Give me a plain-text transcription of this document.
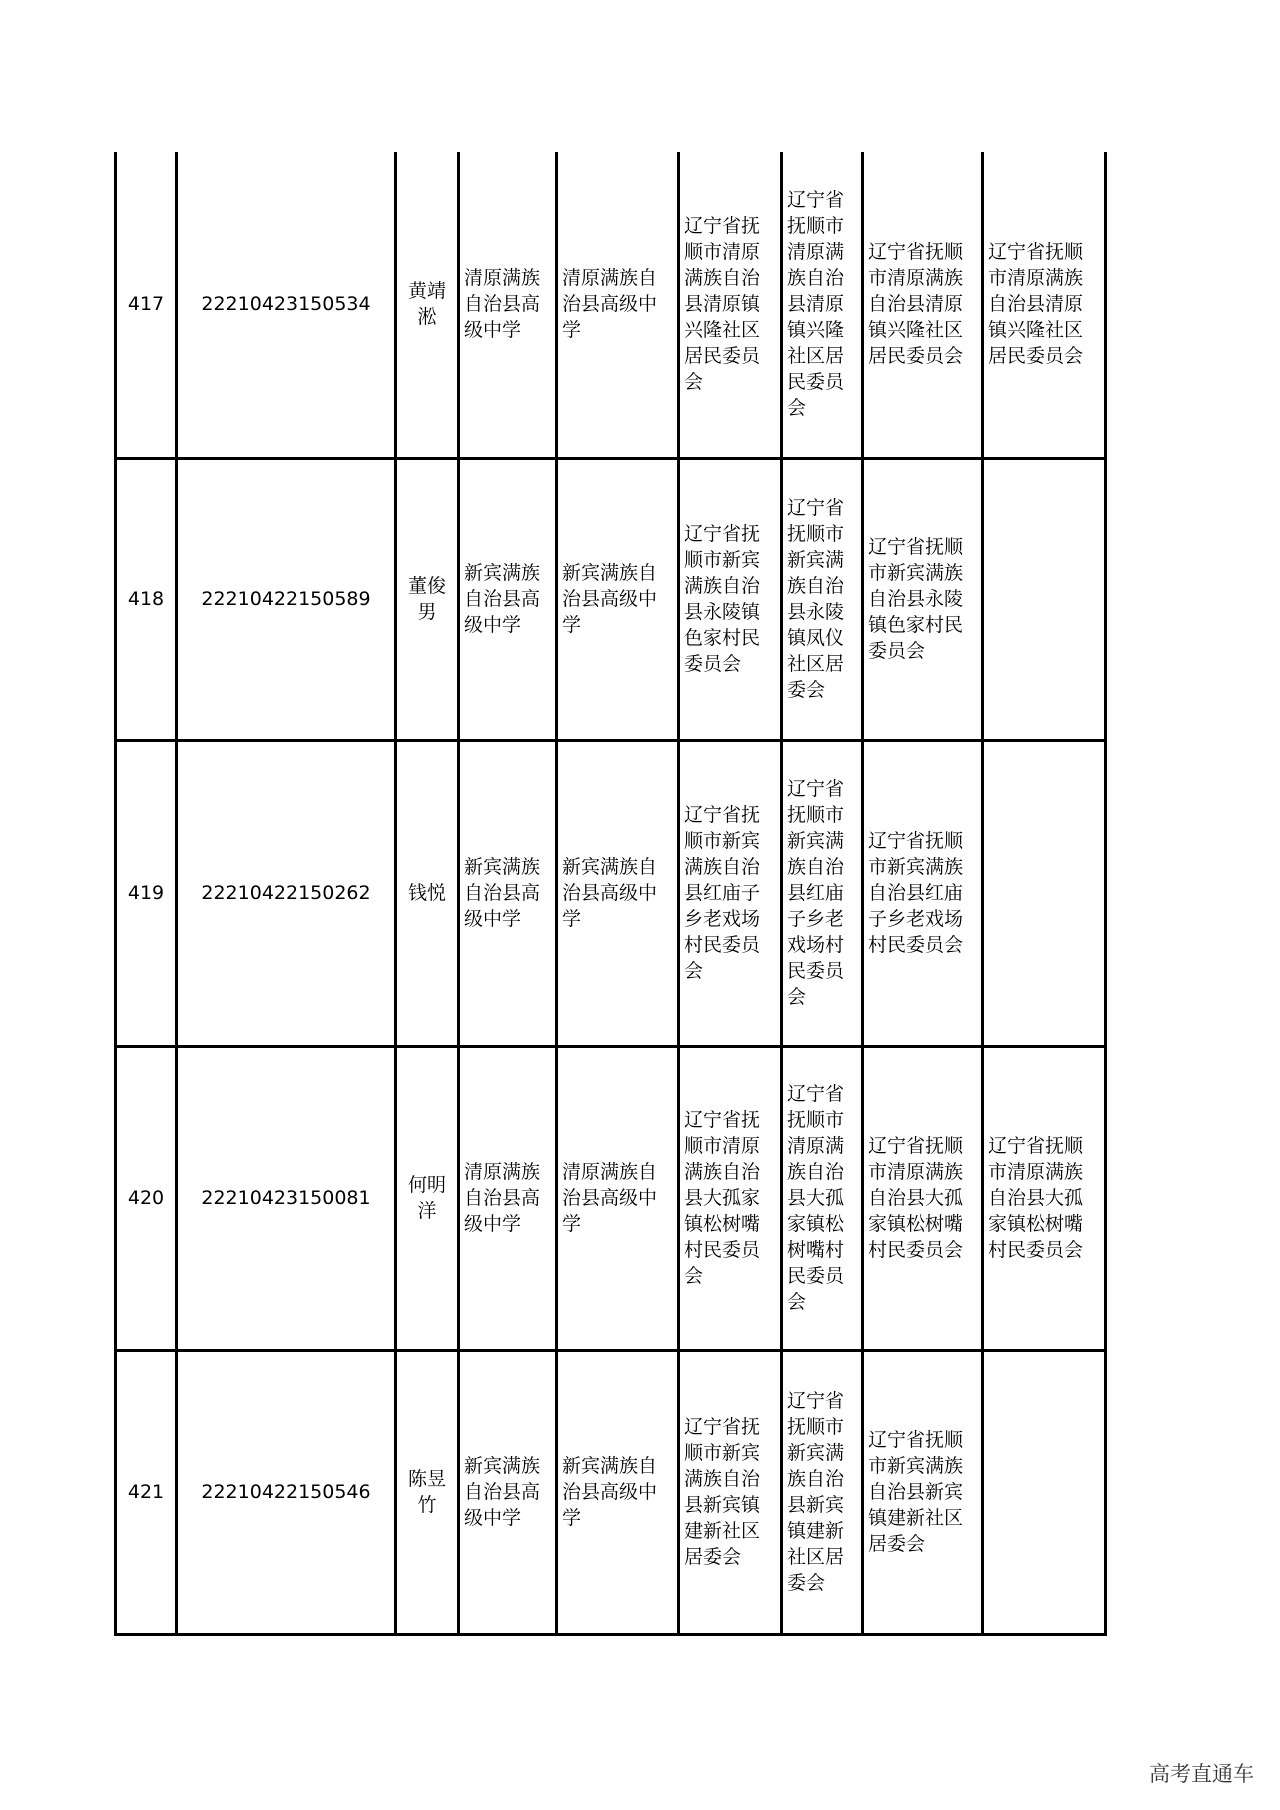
417	22210423150534	黄靖淞	清原满族自治县高级中学	清原满族自治县高级中学	辽宁省抚顺市清原满族自治县清原镇兴隆社区居民委员会	辽宁省抚顺市清原满族自治县清原镇兴隆社区居民委员会	辽宁省抚顺市清原满族自治县清原镇兴隆社区居民委员会	辽宁省抚顺市清原满族自治县清原镇兴隆社区居民委员会
418	22210422150589	董俊男	新宾满族自治县高级中学	新宾满族自治县高级中学	辽宁省抚顺市新宾满族自治县永陵镇色家村民委员会	辽宁省抚顺市新宾满族自治县永陵镇凤仪社区居委会	辽宁省抚顺市新宾满族自治县永陵镇色家村民委员会	
419	22210422150262	钱悦	新宾满族自治县高级中学	新宾满族自治县高级中学	辽宁省抚顺市新宾满族自治县红庙子乡老戏场村民委员会	辽宁省抚顺市新宾满族自治县红庙子乡老戏场村民委员会	辽宁省抚顺市新宾满族自治县红庙子乡老戏场村民委员会	
420	22210423150081	何明洋	清原满族自治县高级中学	清原满族自治县高级中学	辽宁省抚顺市清原满族自治县大孤家镇松树嘴村民委员会	辽宁省抚顺市清原满族自治县大孤家镇松树嘴村民委员会	辽宁省抚顺市清原满族自治县大孤家镇松树嘴村民委员会	辽宁省抚顺市清原满族自治县大孤家镇松树嘴村民委员会
421	22210422150546	陈昱竹	新宾满族自治县高级中学	新宾满族自治县高级中学	辽宁省抚顺市新宾满族自治县新宾镇建新社区居委会	辽宁省抚顺市新宾满族自治县新宾镇建新社区居委会	辽宁省抚顺市新宾满族自治县新宾镇建新社区居委会	
高考直通车
